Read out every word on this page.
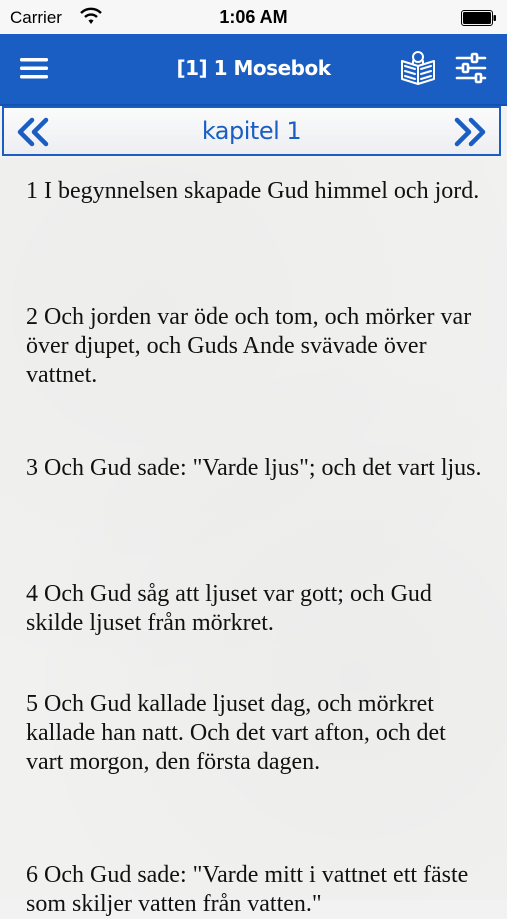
Carrier	1:06 AM
[1] 1 Mosebok
kapitel 1
1 I begynnelsen skapade Gud himmel och jord.
2 Och jorden var öde och tom, och mörker var över djupet, och Guds Ande svävade över vattnet.
3 Och Gud sade: "Varde ljus"; och det vart ljus.
4 Och Gud såg att ljuset var gott; och Gud skilde ljuset från mörkret.
5 Och Gud kallade ljuset dag, och mörkret kallade han natt. Och det vart afton, och det vart morgon, den första dagen.
6 Och Gud sade: "Varde mitt i vattnet ett fäste som skiljer vatten från vatten."
